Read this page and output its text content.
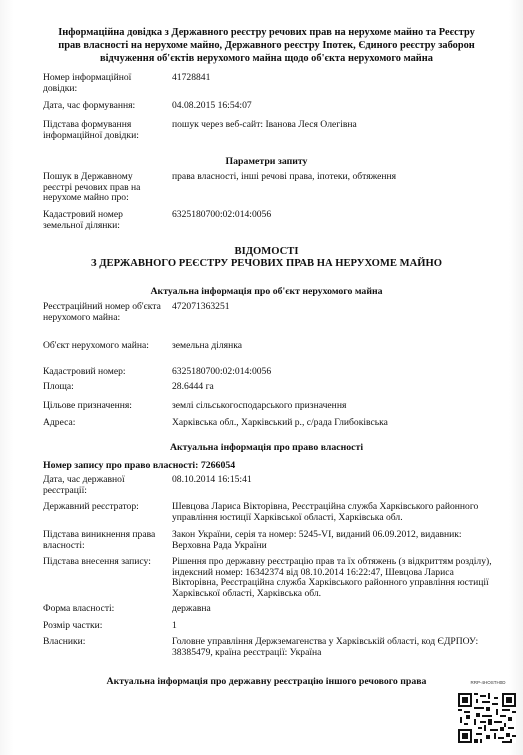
Інформаційна довідка з Державного реєстру речових прав на нерухоме майно та Реєстру
прав власності на нерухоме майно, Державного реєстру Іпотек, Єдиного реєстру заборон
відчуження об'єктів нерухомого майна щодо об'єкта нерухомого майна
Номер інформаційної довідки:
41728841
Дата, час формування:	04.08.2015 16:54:07
Підстава формування інформаційної довідки:
пошук через веб-сайт: Іванова Леся Олегівна
Параметри запиту
Пошук в Державному реєстрі речових прав на нерухоме майно про:
права власності, інші речові права, іпотеки, обтяження
Кадастровий номер земельної ділянки:
6325180700:02:014:0056
ВІДОМОСТІ
З ДЕРЖАВНОГО РЕЄСТРУ РЕЧОВИХ ПРАВ НА НЕРУХОМЕ МАЙНО
Актуальна інформація про об'єкт нерухомого майна
Реєстраційний номер об'єкта нерухомого майна:
472071363251
Об'єкт нерухомого майна:	земельна ділянка
Кадастровий номер:	6325180700:02:014:0056
Площа:	28.6444 га
Цільове призначення:	землі сільськогосподарського призначення
Адреса:	Харківська обл., Харківський р., с/рада Глибоківська
Актуальна інформація про право власності
Номер запису про право власності: 7266054
Дата, час державної реєстрації:
08.10.2014 16:15:41
Державний реєстратор:	Шевцова Лариса Вікторівна, Реєстраційна служба Харківського районного управління юстиції Харківської області, Харківська обл.
Підстава виникнення права власності:
Закон України, серія та номер: 5245-VI, виданий 06.09.2012, видавник: Верховна Рада України
Підстава внесення запису:	Рішення про державну реєстрацію прав та їх обтяжень (з відкриттям розділу), індексний номер: 16342374 від 08.10.2014 16:22:47, Шевцова Лариса Вікторівна, Реєстраційна служба Харківського районного управління юстиції Харківської області, Харківська обл.
Форма власності:	державна
Розмір частки:	1
Власники:	Головне управління Держземагенства у Харківській області, код ЄДРПОУ: 38385479, країна реєстрації: Україна
Актуальна інформація про державну реєстрацію іншого речового права	RRP-4HOSTH0D
